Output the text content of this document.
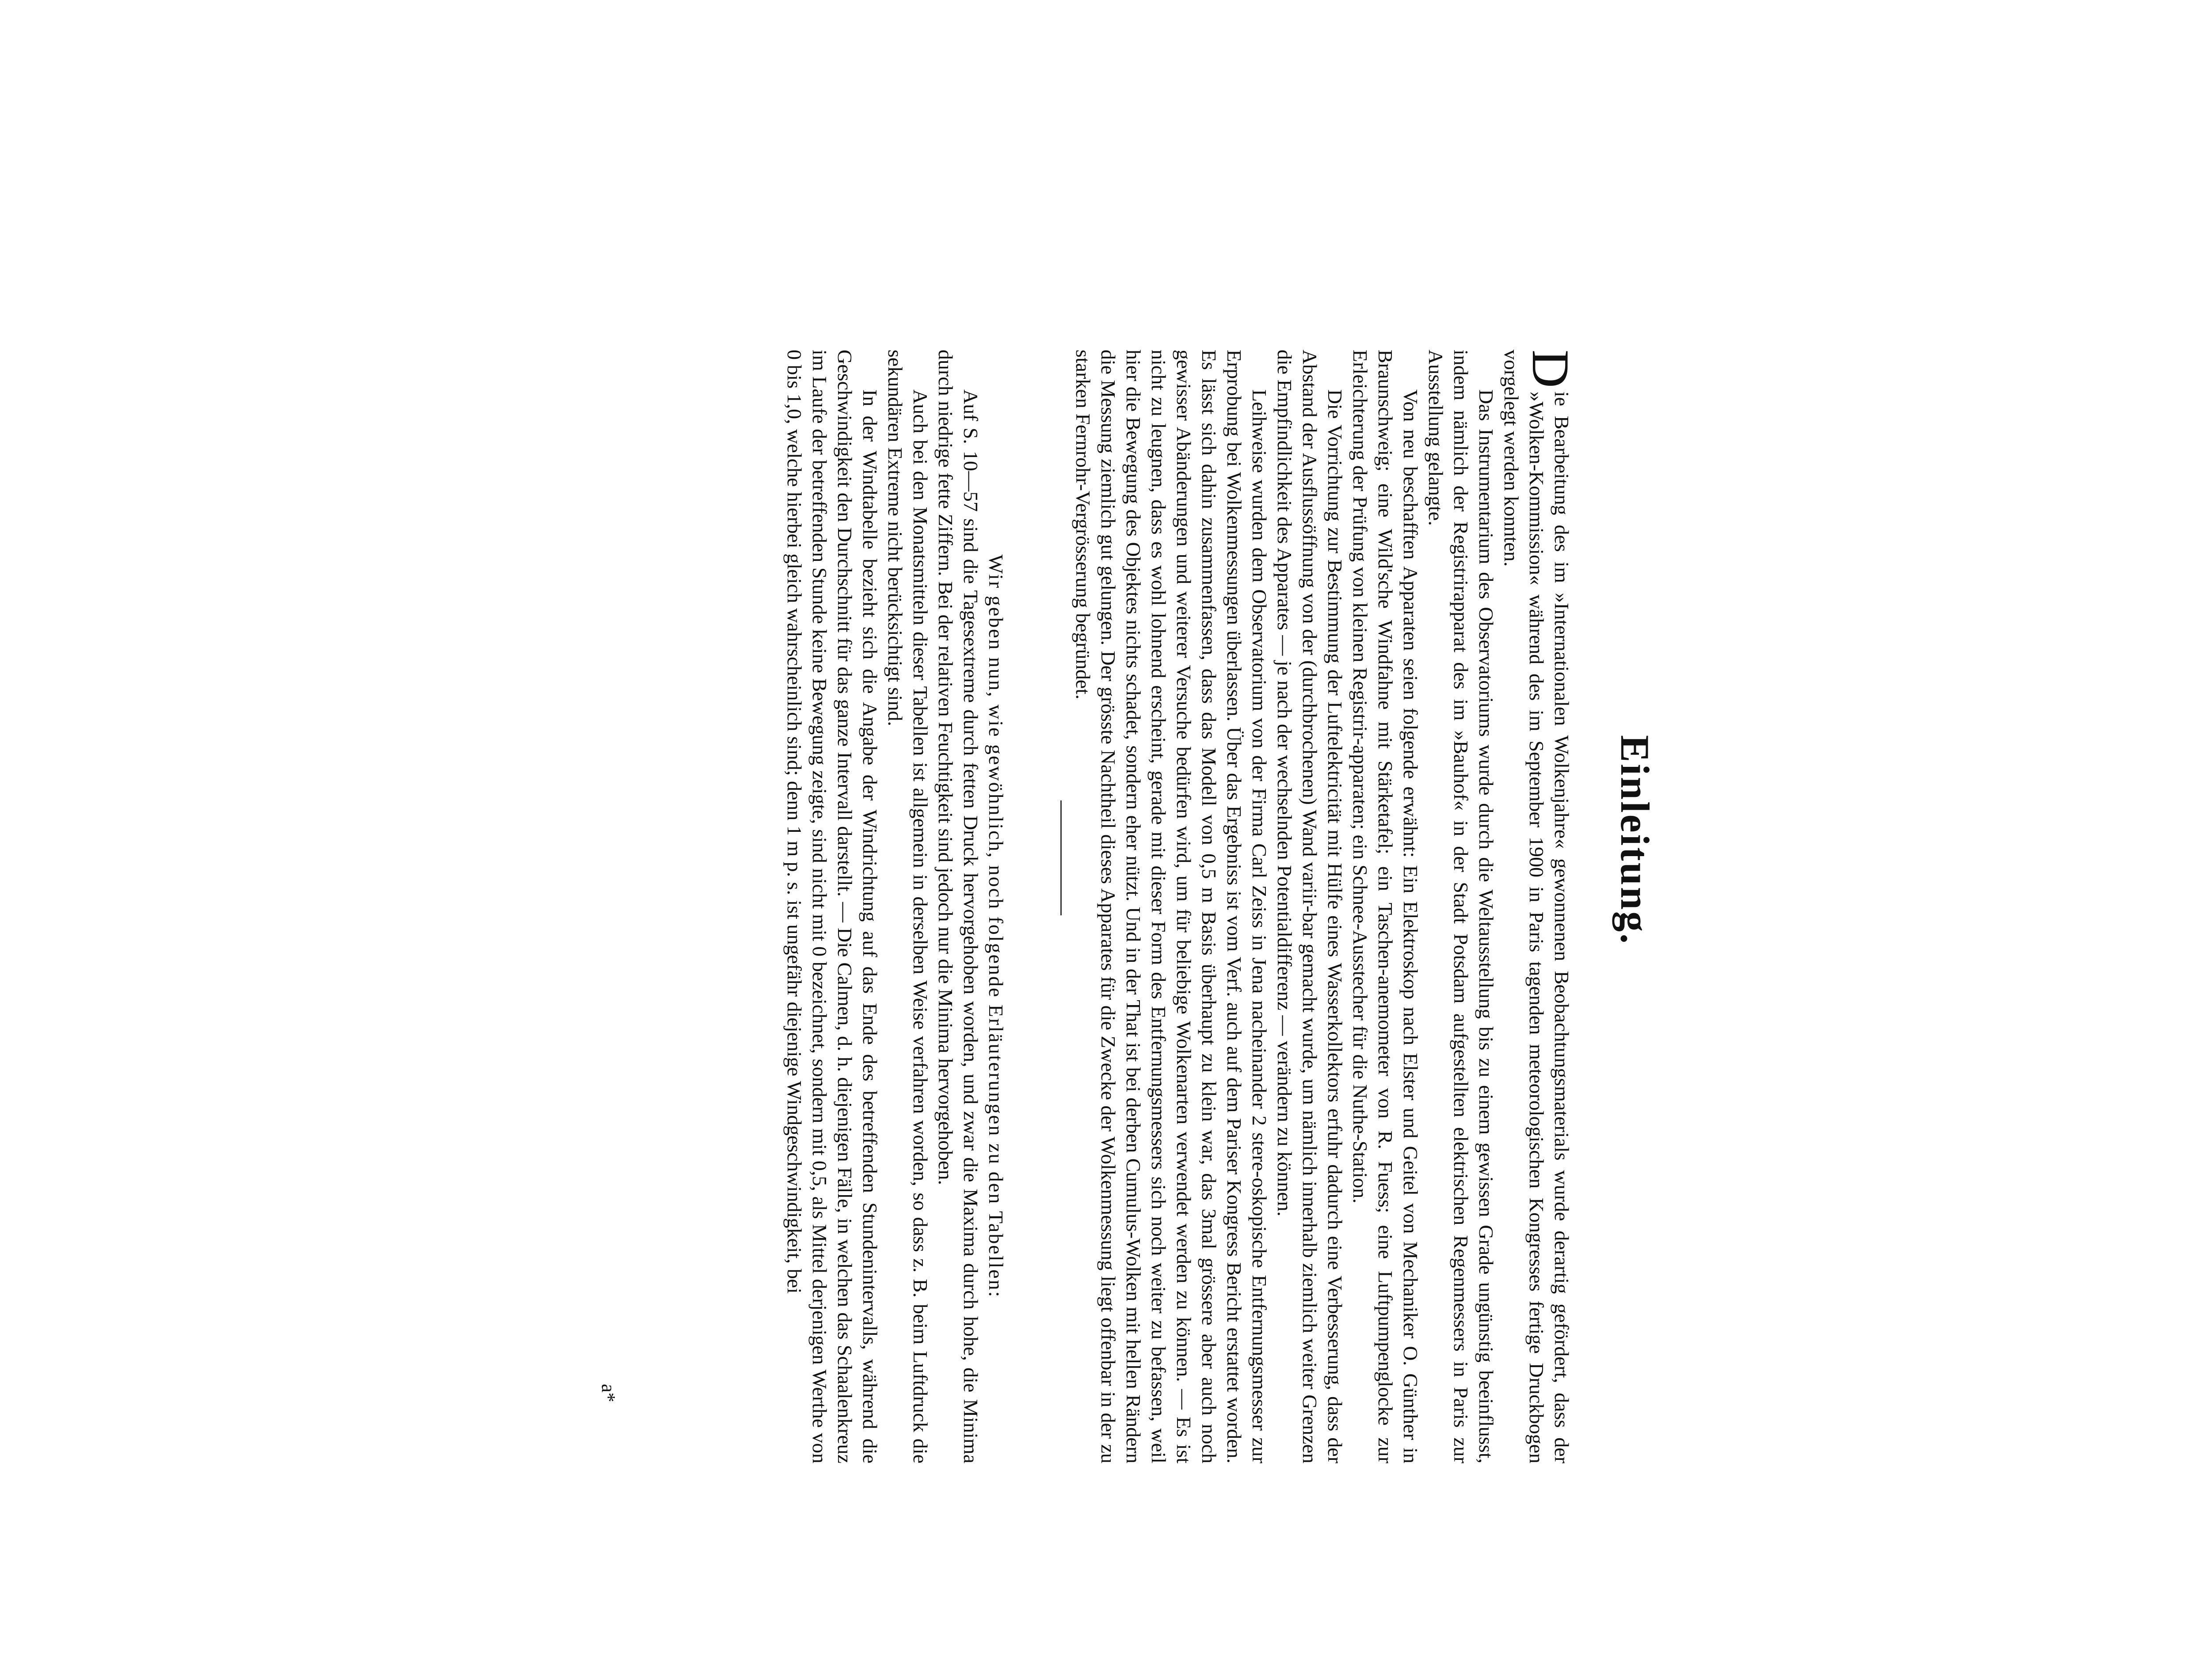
Einleitung.

D
ie Bearbeitung des im »Internationalen Wolkenjahre« gewonnenen Beobachtungsmaterials wurde derartig gefördert, dass der »Wolken-Kommission« während des im September 1900 in Paris tagenden meteorologischen Kongresses fertige Druckbogen vorgelegt werden konnten.

Das Instrumentarium des Observatoriums wurde durch die Weltausstellung bis zu einem gewissen Grade ungünstig beeinflusst, indem nämlich der Registrirapparat des im »Bauhof« in der Stadt Potsdam aufgestellten elektrischen Regenmessers in Paris zur Ausstellung gelangte.

Von neu beschafften Apparaten seien folgende erwähnt: Ein Elektroskop nach Elster und Geitel von Mechaniker O. Günther in Braunschweig; eine Wild'sche Windfahne mit Stärketafel; ein Taschen-anemometer von R. Fuess; eine Luftpumpenglocke zur Erleichterung der Prüfung von kleinen Registrir-apparaten; ein Schnee-Ausstecher für die Nuthe-Station.

Die Vorrichtung zur Bestimmung der Luftelektricität mit Hülfe eines Wasserkollektors erfuhr dadurch eine Verbesserung, dass der Abstand der Ausflussöffnung von der (durchbrochenen) Wand variir-bar gemacht wurde, um nämlich innerhalb ziemlich weiter Grenzen die Empfindlichkeit des Apparates — je nach der wechselnden Potentialdifferenz — verändern zu können.

Leihweise wurden dem Observatorium von der Firma Carl Zeiss in Jena nacheinander 2 stere-oskopische Entfernungsmesser zur Erprobung bei Wolkenmessungen überlassen. Über das Ergebniss ist vom Verf. auch auf dem Pariser Kongress Bericht erstattet worden. Es lässt sich dahin zusammenfassen, dass das Modell von 0,5 m Basis überhaupt zu klein war, das 3mal grössere aber auch noch gewisser Abänderungen und weiterer Versuche bedürfen wird, um für beliebige Wolkenarten verwendet werden zu können. — Es ist nicht zu leugnen, dass es wohl lohnend erscheint, gerade mit dieser Form des Entfernungsmessers sich noch weiter zu befassen, weil hier die Bewegung des Objektes nichts schadet, sondern eher nützt. Und in der That ist bei derben Cumulus-Wolken mit hellen Rändern die Messung ziemlich gut gelungen. Der grösste Nachtheil dieses Apparates für die Zwecke der Wolkenmessung liegt offenbar in der zu starken Fernrohr-Vergrösserung begründet.

Wir geben nun, wie gewöhnlich, noch folgende Erläuterungen zu den Tabellen:

Auf S. 10—57 sind die Tagesextreme durch fetten Druck hervorgehoben worden, und zwar die Maxima durch hohe, die Minima durch niedrige fette Ziffern. Bei der relativen Feuchtigkeit sind jedoch nur die Minima hervorgehoben.

Auch bei den Monatsmitteln dieser Tabellen ist allgemein in derselben Weise verfahren worden, so dass z. B. beim Luftdruck die sekundären Extreme nicht berücksichtigt sind.

In der Windtabelle bezieht sich die Angabe der Windrichtung auf das Ende des betreffenden Stundenintervalls, während die Geschwindigkeit den Durchschnitt für das ganze Intervall darstellt. — Die Calmen, d. h. diejenigen Fälle, in welchen das Schaalenkreuz im Laufe der betreffenden Stunde keine Bewegung zeigte, sind nicht mit 0 bezeichnet, sondern mit 0,5, als Mittel derjenigen Werthe von 0 bis 1,0, welche hierbei gleich wahrscheinlich sind; denn 1 m p. s. ist ungefähr diejenige Windgeschwindigkeit, bei

a*
